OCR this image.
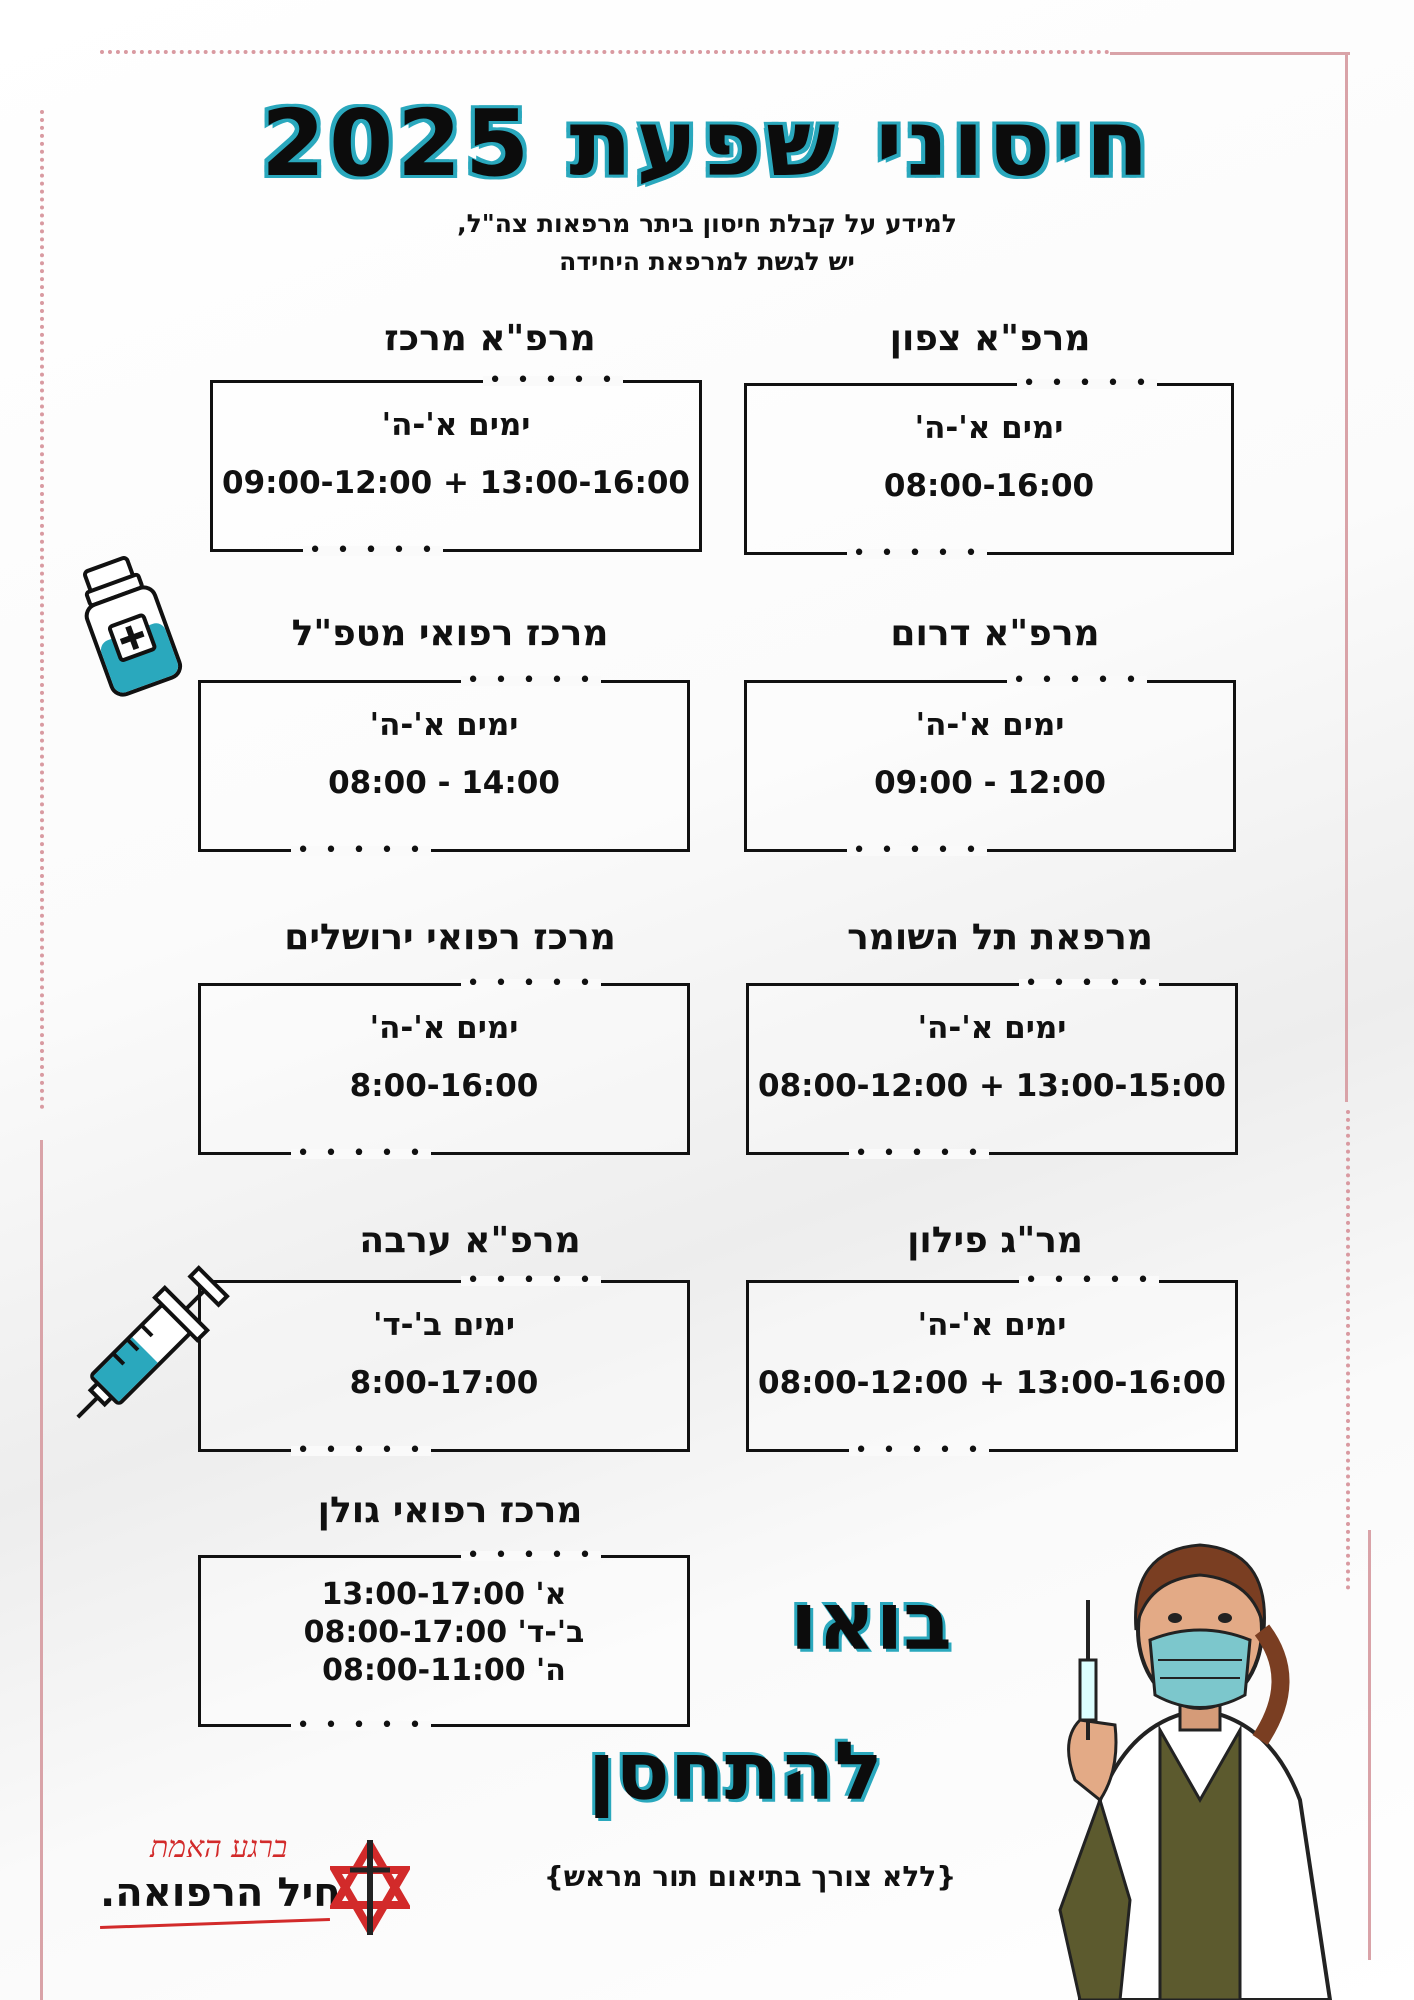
חיסוני שפעת 2025
למידע על קבלת חיסון ביתר מרפאות צה"ל,
יש לגשת למרפאת היחידה
מרפ"א צפון
• • • • • •
ימים א'-ה'
08:00-16:00
• • • • • •
מרפ"א מרכז
• • • • • •
ימים א'-ה'
09:00-12:00 + 13:00-16:00
• • • • • •
מרפ"א דרום
• • • • • •
ימים א'-ה'
09:00 - 12:00
• • • • • •
מרכז רפואי מטפ"ל
• • • • • •
ימים א'-ה'
08:00 - 14:00
• • • • • •
מרפאת תל השומר
• • • • • •
ימים א'-ה'
08:00-12:00 + 13:00-15:00
• • • • • •
מרכז רפואי ירושלים
• • • • • •
ימים א'-ה'
8:00-16:00
• • • • • •
מר"ג פילון
• • • • • •
ימים א'-ה'
08:00-12:00 + 13:00-16:00
• • • • • •
מרפ"א ערבה
• • • • • •
ימים ב'-ד'
8:00-17:00
• • • • • •
מרכז רפואי גולן
• • • • • •
13:00-17:00 'א
08:00-17:00 'ב'-ד
08:00-11:00 'ה
• • • • • •
בואו
להתחסן
{ללא צורך בתיאום תור מראש}
ברגע האמת
חיל הרפואה.
